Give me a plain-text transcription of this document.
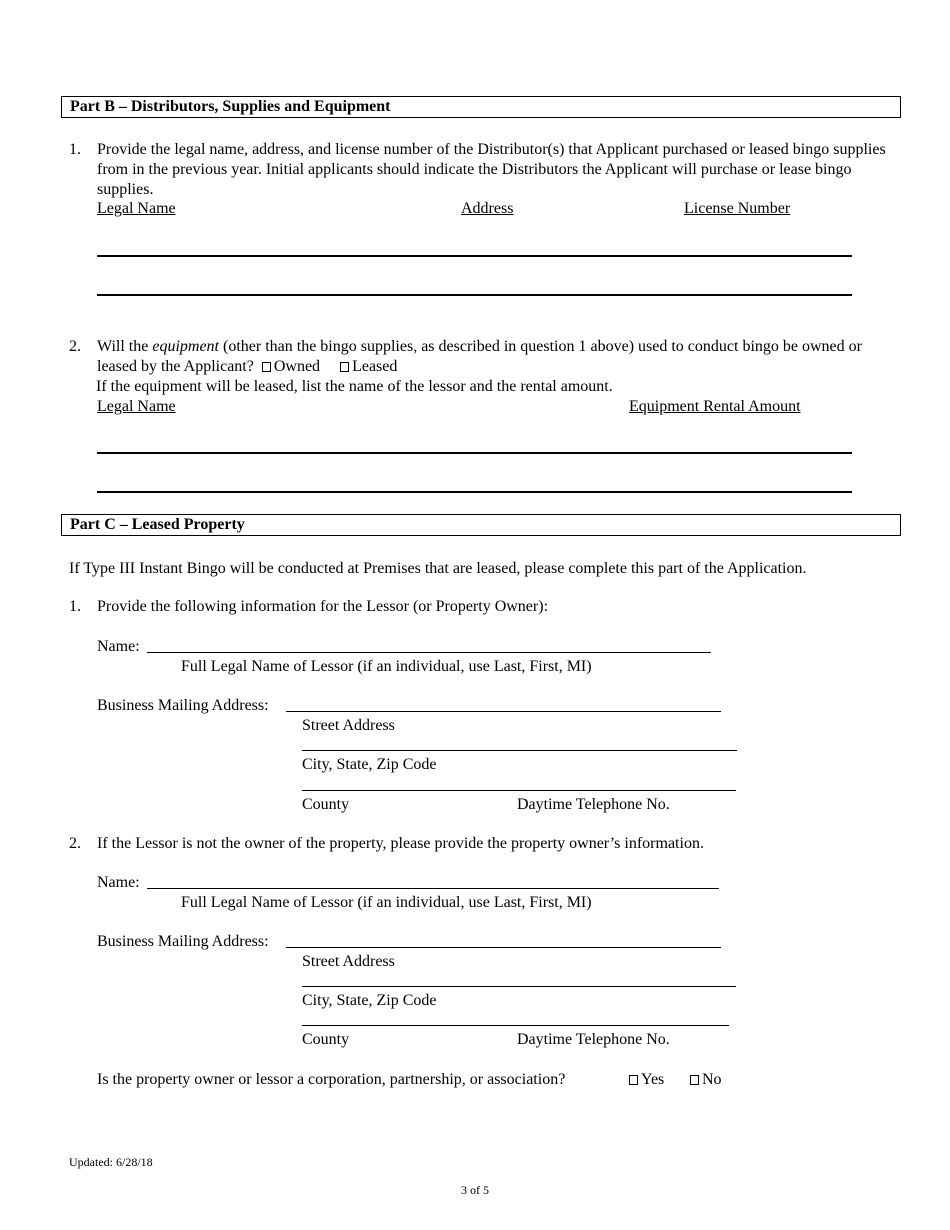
Part B – Distributors, Supplies and Equipment
1. Provide the legal name, address, and license number of the Distributor(s) that Applicant purchased or leased bingo supplies from in the previous year. Initial applicants should indicate the Distributors the Applicant will purchase or lease bingo supplies.
Legal Name	Address	License Number
2. Will the equipment (other than the bingo supplies, as described in question 1 above) used to conduct bingo be owned or leased by the Applicant? Owned Leased
If the equipment will be leased, list the name of the lessor and the rental amount.
Legal Name	Equipment Rental Amount
Part C – Leased Property
If Type III Instant Bingo will be conducted at Premises that are leased, please complete this part of the Application.
1. Provide the following information for the Lessor (or Property Owner):
Name:
Full Legal Name of Lessor (if an individual, use Last, First, MI)
Business Mailing Address:
Street Address
City, State, Zip Code
County	Daytime Telephone No.
2. If the Lessor is not the owner of the property, please provide the property owner’s information.
Name:
Full Legal Name of Lessor (if an individual, use Last, First, MI)
Business Mailing Address:
Street Address
City, State, Zip Code
County	Daytime Telephone No.
Is the property owner or lessor a corporation, partnership, or association?	Yes	No
Updated: 6/28/18
3 of 5
